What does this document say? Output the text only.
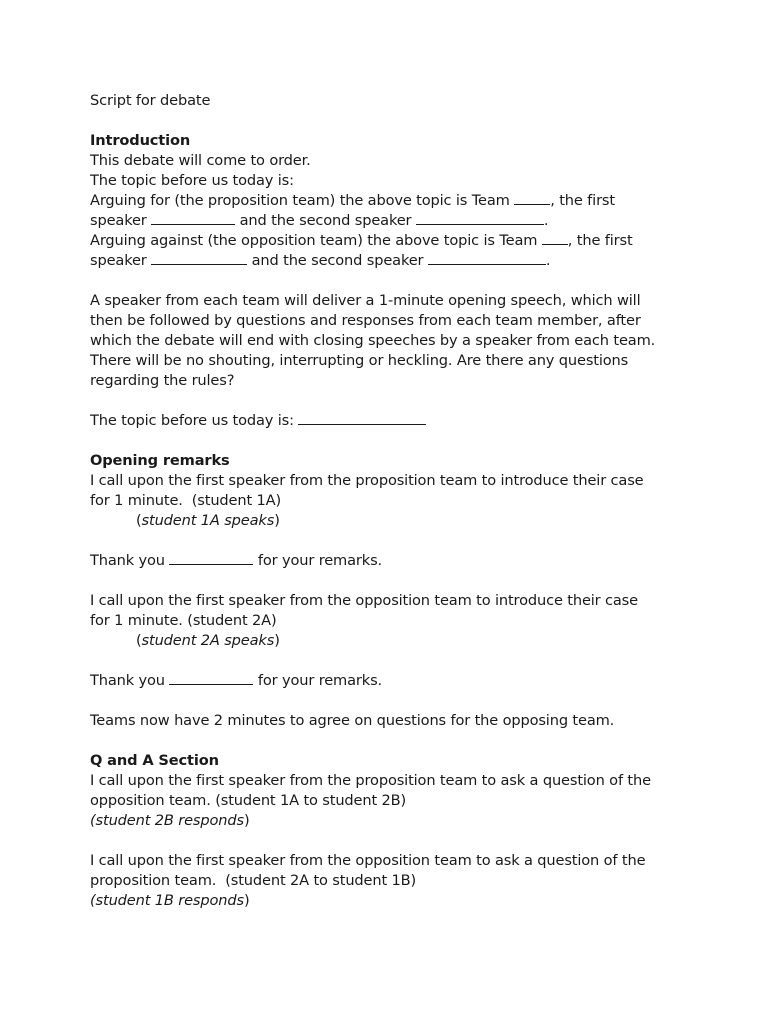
Script for debate
Introduction
This debate will come to order.
The topic before us today is:
Arguing for (the proposition team) the above topic is Team , the first
speaker	and the second speaker	.
Arguing against (the opposition team) the above topic is Team , the first
speaker	and the second speaker	.
A speaker from each team will deliver a 1-minute opening speech, which will
then be followed by questions and responses from each team member, after
which the debate will end with closing speeches by a speaker from each team.
There will be no shouting, interrupting or heckling. Are there any questions
regarding the rules?
The topic before us today is:
Opening remarks
I call upon the first speaker from the proposition team to introduce their case
for 1 minute.  (student 1A)
(student 1A speaks)
Thank you	for your remarks.
I call upon the first speaker from the opposition team to introduce their case
for 1 minute. (student 2A)
(student 2A speaks)
Thank you	for your remarks.
Teams now have 2 minutes to agree on questions for the opposing team.
Q and A Section
I call upon the first speaker from the proposition team to ask a question of the
opposition team. (student 1A to student 2B)
(student 2B responds)
I call upon the first speaker from the opposition team to ask a question of the
proposition team.  (student 2A to student 1B)
(student 1B responds)
